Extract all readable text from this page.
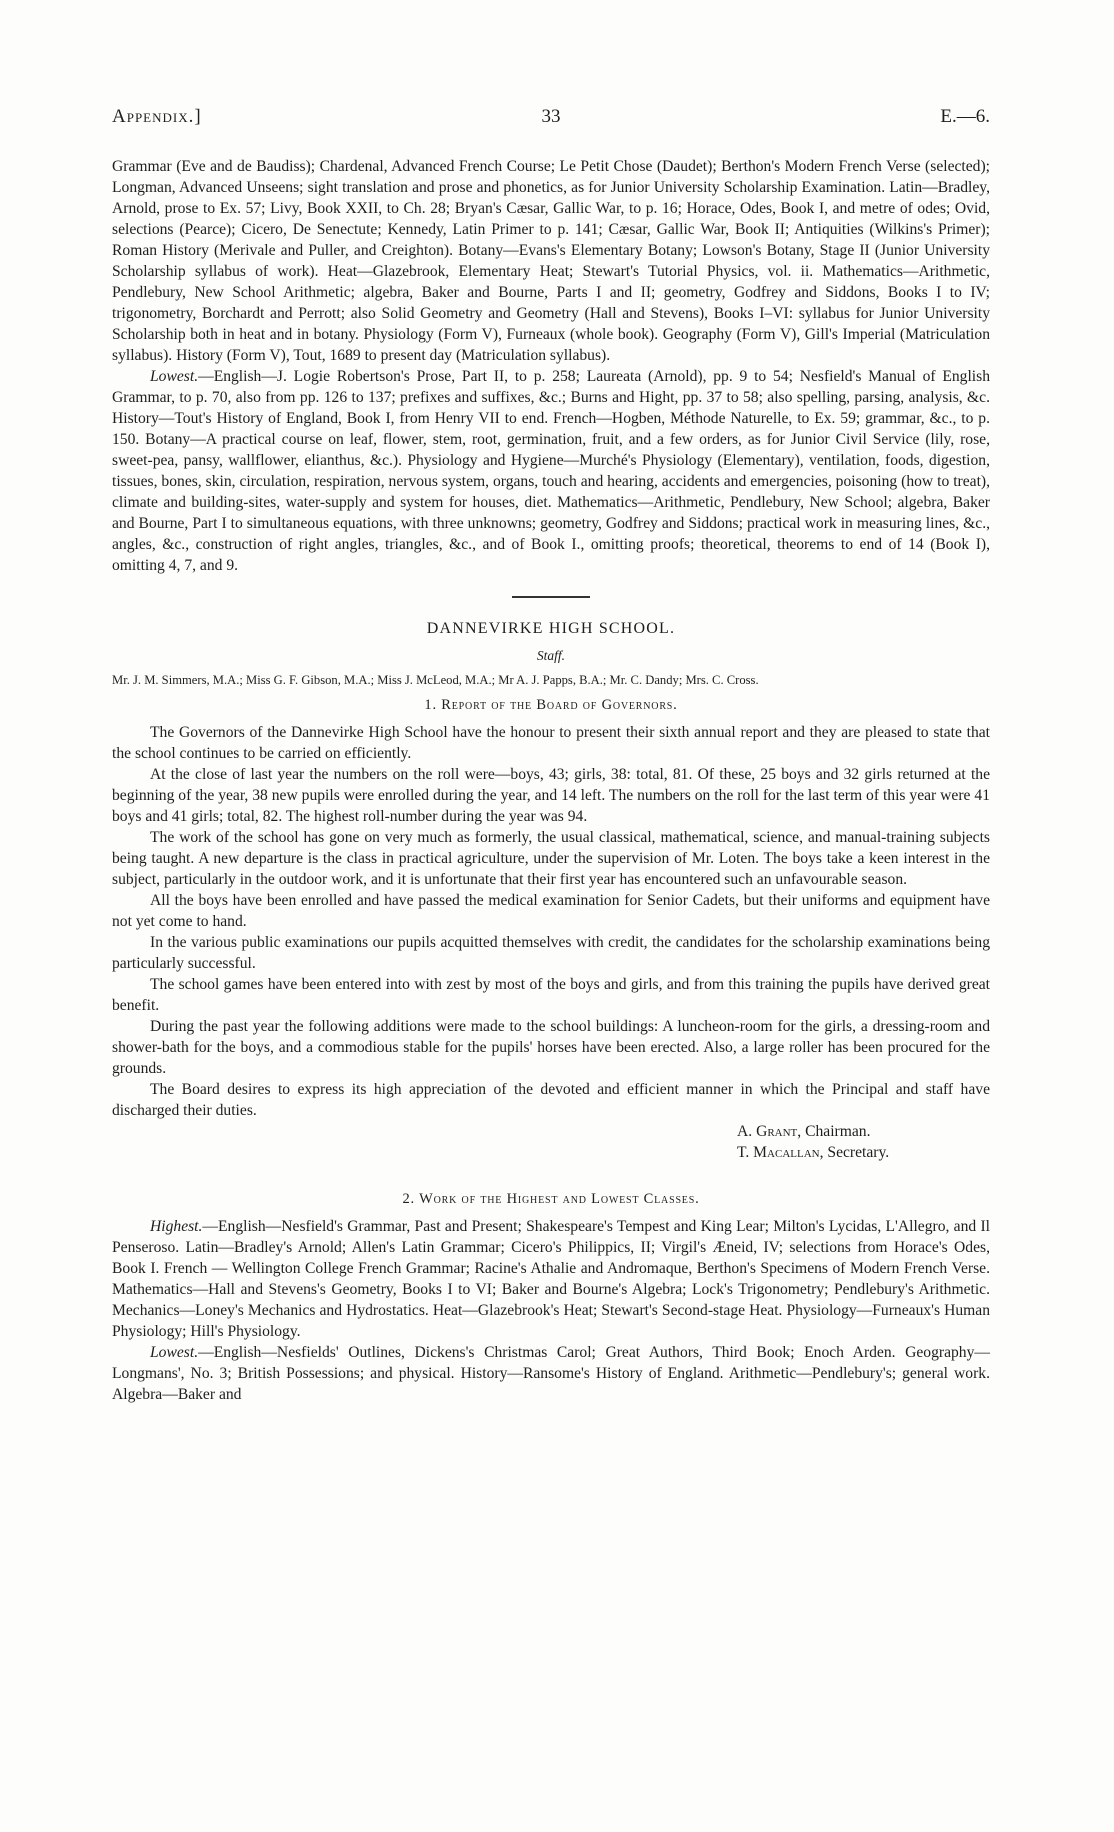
Appendix.]	33	E.—6.

Grammar (Eve and de Baudiss); Chardenal, Advanced French Course; Le Petit Chose (Daudet); Berthon's Modern French Verse (selected); Longman, Advanced Unseens; sight translation and prose and phonetics, as for Junior University Scholarship Examination. Latin—Bradley, Arnold, prose to Ex. 57; Livy, Book XXII, to Ch. 28; Bryan's Cæsar, Gallic War, to p. 16; Horace, Odes, Book I, and metre of odes; Ovid, selections (Pearce); Cicero, De Senectute; Kennedy, Latin Primer to p. 141; Cæsar, Gallic War, Book II; Antiquities (Wilkins's Primer); Roman History (Merivale and Puller, and Creighton). Botany—Evans's Elementary Botany; Lowson's Botany, Stage II (Junior University Scholarship syllabus of work). Heat—Glazebrook, Elementary Heat; Stewart's Tutorial Physics, vol. ii. Mathematics—Arithmetic, Pendlebury, New School Arithmetic; algebra, Baker and Bourne, Parts I and II; geometry, Godfrey and Siddons, Books I to IV; trigonometry, Borchardt and Perrott; also Solid Geometry and Geometry (Hall and Stevens), Books I–VI: syllabus for Junior University Scholarship both in heat and in botany. Physiology (Form V), Furneaux (whole book). Geography (Form V), Gill's Imperial (Matriculation syllabus). History (Form V), Tout, 1689 to present day (Matriculation syllabus).

Lowest.—English—J. Logie Robertson's Prose, Part II, to p. 258; Laureata (Arnold), pp. 9 to 54; Nesfield's Manual of English Grammar, to p. 70, also from pp. 126 to 137; prefixes and suffixes, &c.; Burns and Hight, pp. 37 to 58; also spelling, parsing, analysis, &c. History—Tout's History of England, Book I, from Henry VII to end. French—Hogben, Méthode Naturelle, to Ex. 59; grammar, &c., to p. 150. Botany—A practical course on leaf, flower, stem, root, germination, fruit, and a few orders, as for Junior Civil Service (lily, rose, sweet-pea, pansy, wallflower, elianthus, &c.). Physiology and Hygiene—Murché's Physiology (Elementary), ventilation, foods, digestion, tissues, bones, skin, circulation, respiration, nervous system, organs, touch and hearing, accidents and emergencies, poisoning (how to treat), climate and building-sites, water-supply and system for houses, diet. Mathematics—Arithmetic, Pendlebury, New School; algebra, Baker and Bourne, Part I to simultaneous equations, with three unknowns; geometry, Godfrey and Siddons; practical work in measuring lines, &c., angles, &c., construction of right angles, triangles, &c., and of Book I., omitting proofs; theoretical, theorems to end of 14 (Book I), omitting 4, 7, and 9.

DANNEVIRKE HIGH SCHOOL.
Staff.
Mr. J. M. Simmers, M.A.; Miss G. F. Gibson, M.A.; Miss J. McLeod, M.A.; Mr A. J. Papps, B.A.; Mr. C. Dandy; Mrs. C. Cross.
1. Report of the Board of Governors.

The Governors of the Dannevirke High School have the honour to present their sixth annual report and they are pleased to state that the school continues to be carried on efficiently.

At the close of last year the numbers on the roll were—boys, 43; girls, 38: total, 81. Of these, 25 boys and 32 girls returned at the beginning of the year, 38 new pupils were enrolled during the year, and 14 left. The numbers on the roll for the last term of this year were 41 boys and 41 girls; total, 82. The highest roll-number during the year was 94.

The work of the school has gone on very much as formerly, the usual classical, mathematical, science, and manual-training subjects being taught. A new departure is the class in practical agriculture, under the supervision of Mr. Loten. The boys take a keen interest in the subject, particularly in the outdoor work, and it is unfortunate that their first year has encountered such an unfavourable season.

All the boys have been enrolled and have passed the medical examination for Senior Cadets, but their uniforms and equipment have not yet come to hand.

In the various public examinations our pupils acquitted themselves with credit, the candidates for the scholarship examinations being particularly successful.

The school games have been entered into with zest by most of the boys and girls, and from this training the pupils have derived great benefit.

During the past year the following additions were made to the school buildings: A luncheon-room for the girls, a dressing-room and shower-bath for the boys, and a commodious stable for the pupils' horses have been erected. Also, a large roller has been procured for the grounds.

The Board desires to express its high appreciation of the devoted and efficient manner in which the Principal and staff have discharged their duties.

A. Grant, Chairman.
T. Macallan, Secretary.
2. Work of the Highest and Lowest Classes.

Highest.—English—Nesfield's Grammar, Past and Present; Shakespeare's Tempest and King Lear; Milton's Lycidas, L'Allegro, and Il Penseroso. Latin—Bradley's Arnold; Allen's Latin Grammar; Cicero's Philippics, II; Virgil's Æneid, IV; selections from Horace's Odes, Book I. French — Wellington College French Grammar; Racine's Athalie and Andromaque, Berthon's Specimens of Modern French Verse. Mathematics—Hall and Stevens's Geometry, Books I to VI; Baker and Bourne's Algebra; Lock's Trigonometry; Pendlebury's Arithmetic. Mechanics—Loney's Mechanics and Hydrostatics. Heat—Glazebrook's Heat; Stewart's Second-stage Heat. Physiology—Furneaux's Human Physiology; Hill's Physiology.

Lowest.—English—Nesfields' Outlines, Dickens's Christmas Carol; Great Authors, Third Book; Enoch Arden. Geography—Longmans', No. 3; British Possessions; and physical. History—Ransome's History of England. Arithmetic—Pendlebury's; general work. Algebra—Baker and
